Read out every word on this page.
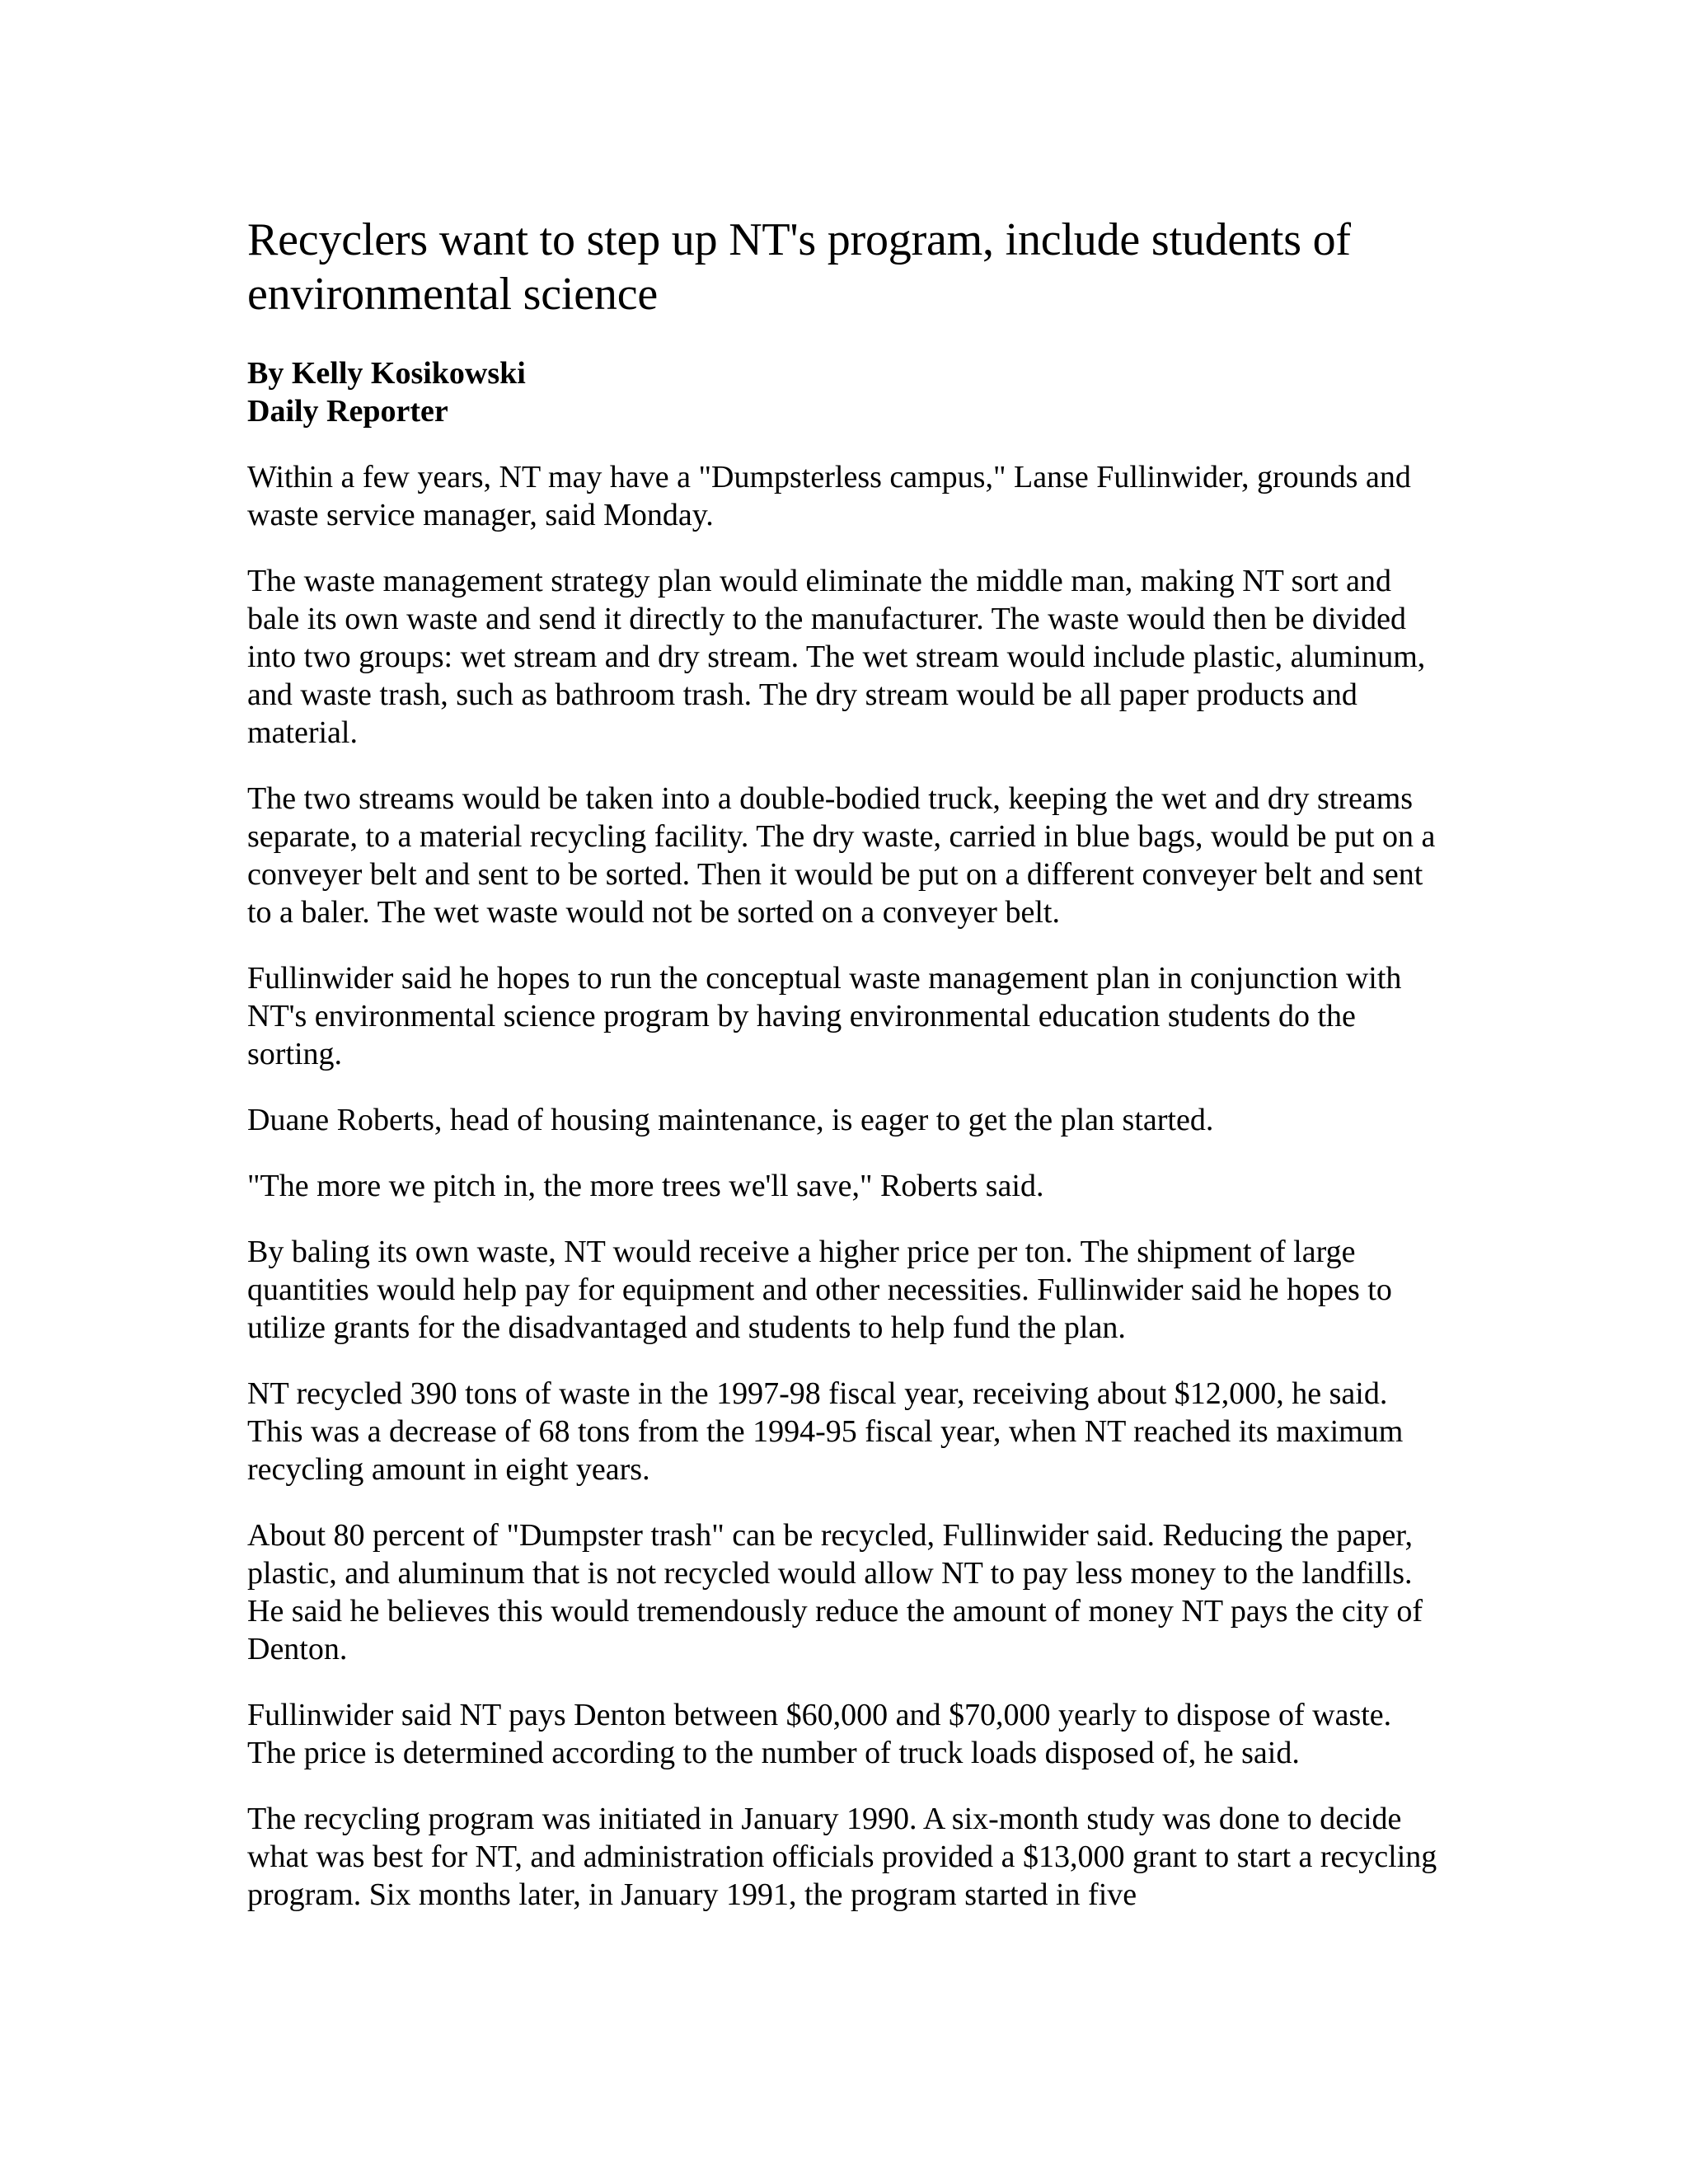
Recyclers want to step up NT's program, include students of environmental science
By Kelly Kosikowski
Daily Reporter

Within a few years, NT may have a "Dumpsterless campus," Lanse Fullinwider, grounds and waste service manager, said Monday.

The waste management strategy plan would eliminate the middle man, making NT sort and bale its own waste and send it directly to the manufacturer. The waste would then be divided into two groups: wet stream and dry stream. The wet stream would include plastic, aluminum, and waste trash, such as bathroom trash. The dry stream would be all paper products and material.

The two streams would be taken into a double-bodied truck, keeping the wet and dry streams separate, to a material recycling facility. The dry waste, carried in blue bags, would be put on a conveyer belt and sent to be sorted. Then it would be put on a different conveyer belt and sent to a baler. The wet waste would not be sorted on a conveyer belt.

Fullinwider said he hopes to run the conceptual waste management plan in conjunction with NT's environmental science program by having environmental education students do the sorting.

Duane Roberts, head of housing maintenance, is eager to get the plan started.

"The more we pitch in, the more trees we'll save," Roberts said.

By baling its own waste, NT would receive a higher price per ton. The shipment of large quantities would help pay for equipment and other necessities. Fullinwider said he hopes to utilize grants for the disadvantaged and students to help fund the plan.

NT recycled 390 tons of waste in the 1997-98 fiscal year, receiving about $12,000, he said. This was a decrease of 68 tons from the 1994-95 fiscal year, when NT reached its maximum recycling amount in eight years.

About 80 percent of "Dumpster trash" can be recycled, Fullinwider said. Reducing the paper, plastic, and aluminum that is not recycled would allow NT to pay less money to the landfills. He said he believes this would tremendously reduce the amount of money NT pays the city of Denton.

Fullinwider said NT pays Denton between $60,000 and $70,000 yearly to dispose of waste. The price is determined according to the number of truck loads disposed of, he said.

The recycling program was initiated in January 1990. A six-month study was done to decide what was best for NT, and administration officials provided a $13,000 grant to start a recycling program. Six months later, in January 1991, the program started in five
